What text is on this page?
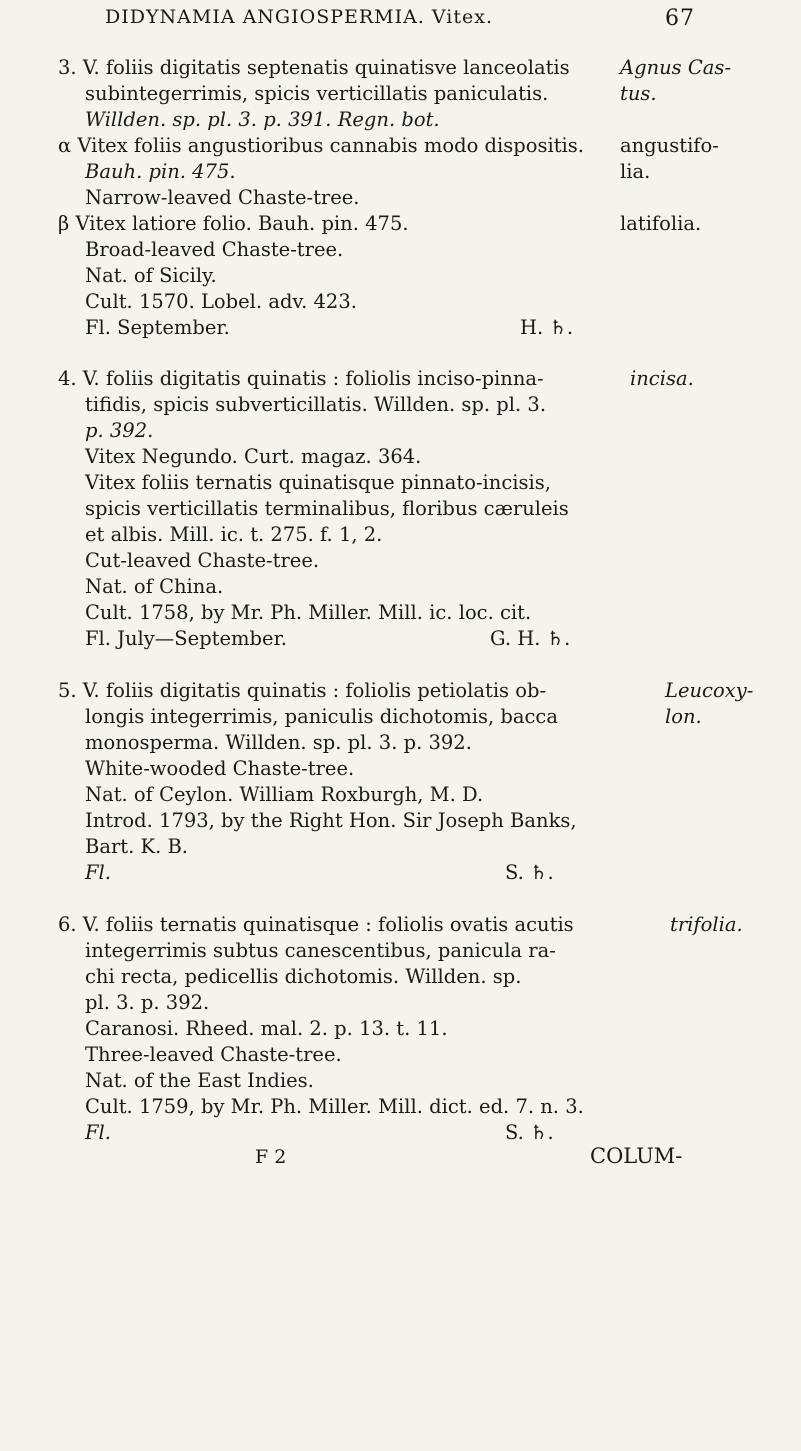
DIDYNAMIA ANGIOSPERMIA. Vitex.	67
3. V. foliis digitatis septenatis quinatisve lanceolatis
subintegerrimis, spicis verticillatis paniculatis.
Willden. sp. pl. 3. p. 391. Regn. bot.
α Vitex foliis angustioribus cannabis modo dispositis.
Bauh. pin. 475.
Narrow-leaved Chaste-tree.
β Vitex latiore folio. Bauh. pin. 475.
Broad-leaved Chaste-tree.
Nat. of Sicily.
Cult. 1570. Lobel. adv. 423.
Fl. September.
Agnus Cas-
tus.
angustifo-
lia.
latifolia.
H. ♄.
4. V. foliis digitatis quinatis : foliolis inciso-pinna-
tifidis, spicis subverticillatis. Willden. sp. pl. 3.
p. 392.
Vitex Negundo. Curt. magaz. 364.
Vitex foliis ternatis quinatisque pinnato-incisis,
spicis verticillatis terminalibus, floribus cæruleis
et albis. Mill. ic. t. 275. f. 1, 2.
Cut-leaved Chaste-tree.
Nat. of China.
Cult. 1758, by Mr. Ph. Miller. Mill. ic. loc. cit.
Fl. July—September.
incisa.
G. H. ♄.
5. V. foliis digitatis quinatis : foliolis petiolatis ob-
longis integerrimis, paniculis dichotomis, bacca
monosperma. Willden. sp. pl. 3. p. 392.
White-wooded Chaste-tree.
Nat. of Ceylon. William Roxburgh, M. D.
Introd. 1793, by the Right Hon. Sir Joseph Banks,
Bart. K. B.
Fl.
Leucoxy-
lon.
S. ♄.
6. V. foliis ternatis quinatisque : foliolis ovatis acutis
integerrimis subtus canescentibus, panicula ra-
chi recta, pedicellis dichotomis. Willden. sp.
pl. 3. p. 392.
Caranosi. Rheed. mal. 2. p. 13. t. 11.
Three-leaved Chaste-tree.
Nat. of the East Indies.
Cult. 1759, by Mr. Ph. Miller. Mill. dict. ed. 7. n. 3.
Fl.
trifolia.
S. ♄.
F 2	COLUM-
